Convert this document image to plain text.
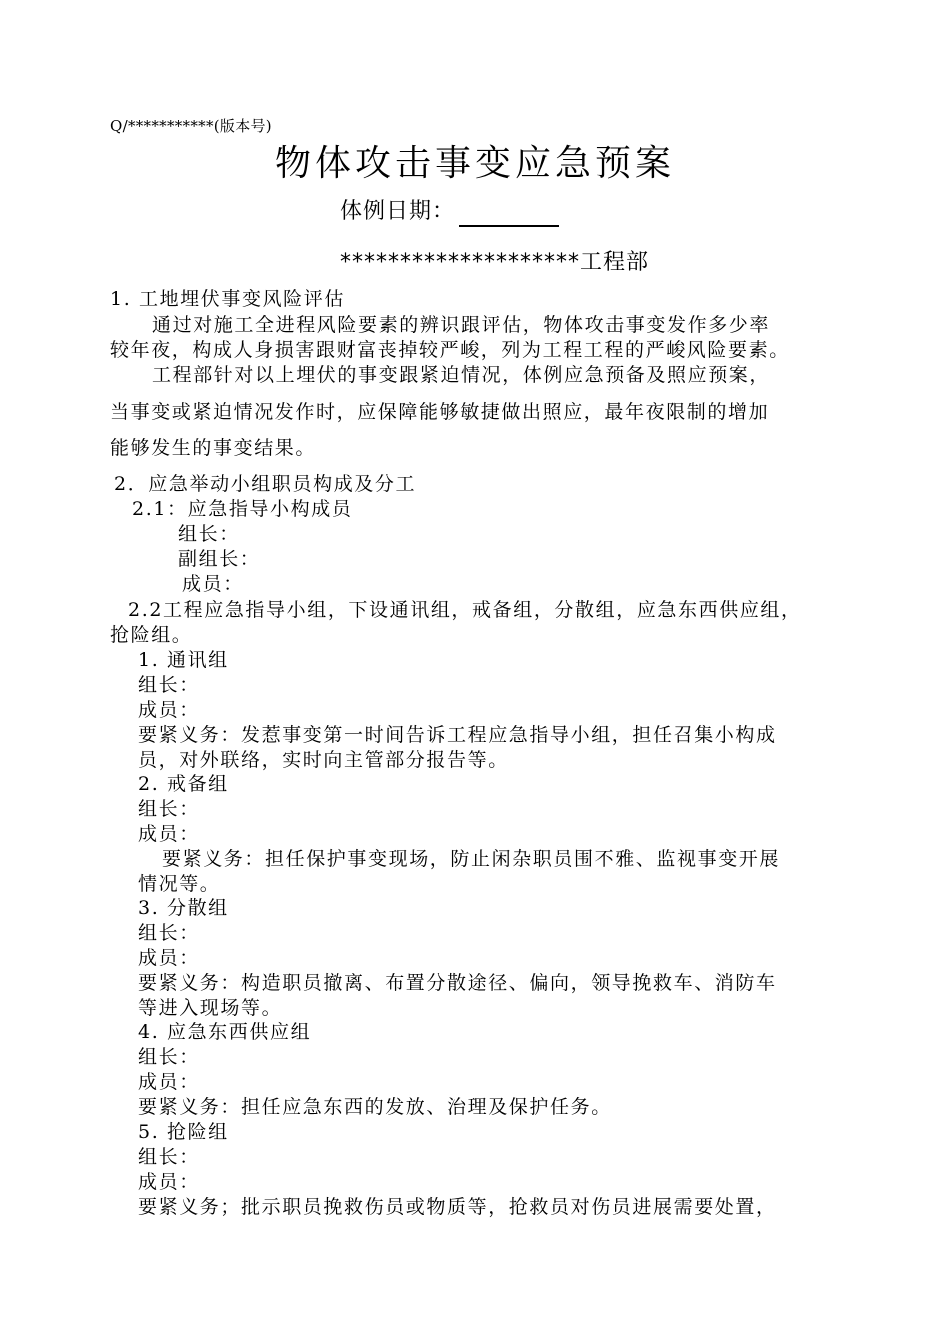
Q/***********(版本号)
物体攻击事变应急预案
体例日期：
********************工程部
1. 工地埋伏事变风险评估
通过对施工全进程风险要素的辨识跟评估，物体攻击事变发作多少率
较年夜，构成人身损害跟财富丧掉较严峻，列为工程工程的严峻风险要素。
工程部针对以上埋伏的事变跟紧迫情况，体例应急预备及照应预案，
当事变或紧迫情况发作时，应保障能够敏捷做出照应，最年夜限制的增加
能够发生的事变结果。
2．应急举动小组职员构成及分工
2.1：应急指导小构成员
组长：
副组长：
成员：
2.2工程应急指导小组，下设通讯组，戒备组，分散组，应急东西供应组，
抢险组。
1. 通讯组
组长：
成员：
要紧义务：发惹事变第一时间告诉工程应急指导小组，担任召集小构成
员，对外联络，实时向主管部分报告等。
2. 戒备组
组长：
成员：
要紧义务：担任保护事变现场，防止闲杂职员围不雅、监视事变开展
情况等。
3. 分散组
组长：
成员：
要紧义务：构造职员撤离、布置分散途径、偏向，领导挽救车、消防车
等进入现场等。
4. 应急东西供应组
组长：
成员：
要紧义务：担任应急东西的发放、治理及保护任务。
5. 抢险组
组长：
成员：
要紧义务；批示职员挽救伤员或物质等，抢救员对伤员进展需要处置，
